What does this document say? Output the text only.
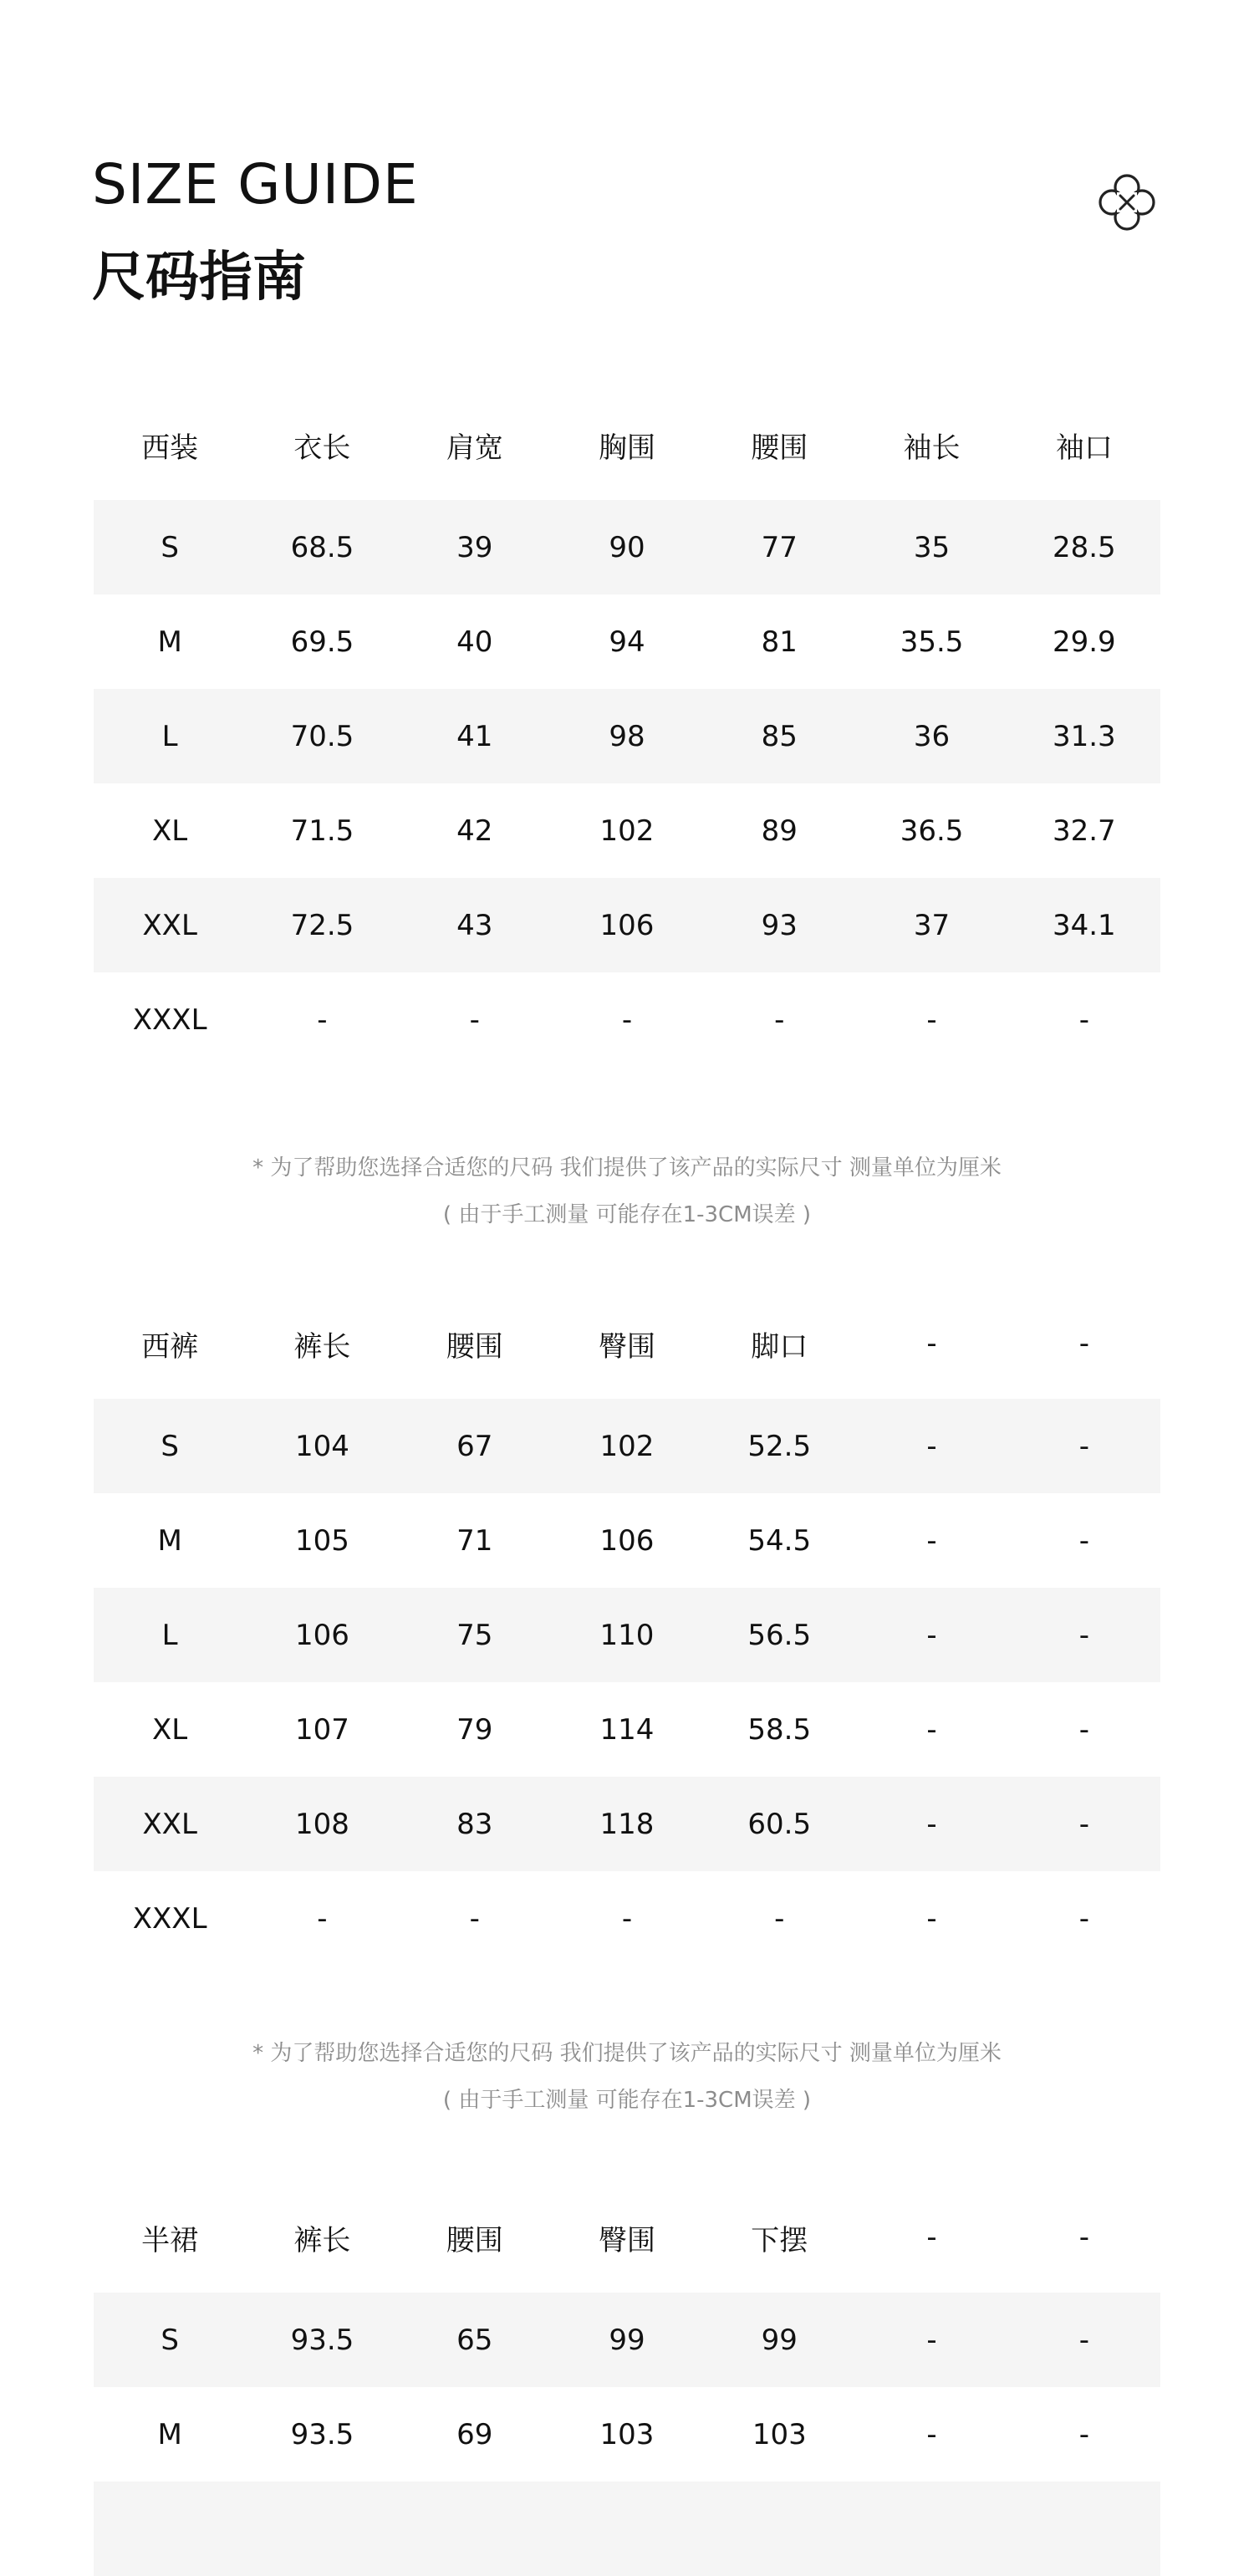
SIZE GUIDE
尺码指南
西装	衣长	肩宽	胸围	腰围	袖长	袖口
S	68.5	39	90	77	35	28.5
M	69.5	40	94	81	35.5	29.9
L	70.5	41	98	85	36	31.3
XL	71.5	42	102	89	36.5	32.7
XXL	72.5	43	106	93	37	34.1
XXXL	-	-	-	-	-	-
* 为了帮助您选择合适您的尺码 我们提供了该产品的实际尺寸 测量单位为厘米
( 由于手工测量 可能存在1-3CM误差 )
西裤	裤长	腰围	臀围	脚口	-	-
S	104	67	102	52.5	-	-
M	105	71	106	54.5	-	-
L	106	75	110	56.5	-	-
XL	107	79	114	58.5	-	-
XXL	108	83	118	60.5	-	-
XXXL	-	-	-	-	-	-
* 为了帮助您选择合适您的尺码 我们提供了该产品的实际尺寸 测量单位为厘米
( 由于手工测量 可能存在1-3CM误差 )
半裙	裤长	腰围	臀围	下摆	-	-
S	93.5	65	99	99	-	-
M	93.5	69	103	103	-	-
